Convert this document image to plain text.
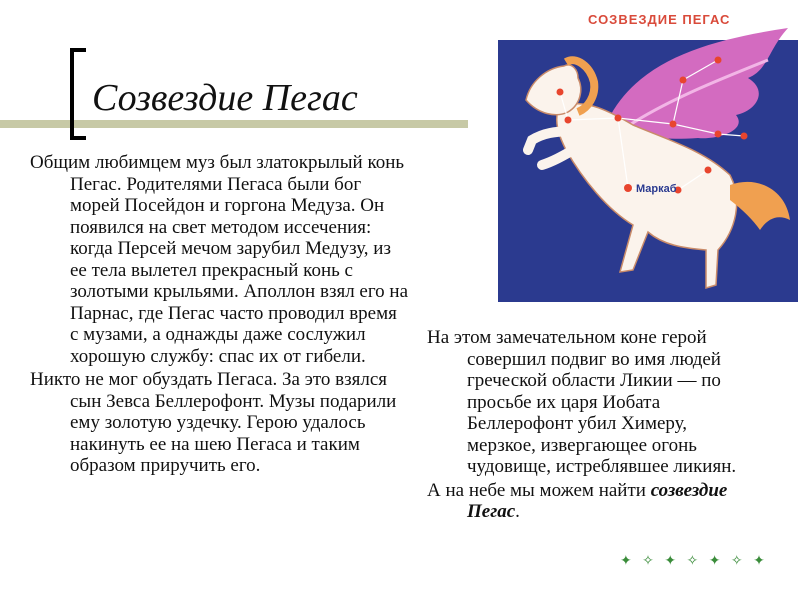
Созвездие Пегас

Общим любимцем муз был златокрылый конь Пегас. Родителями Пегаса были бог морей Посейдон и горгона Медуза. Он появился на свет методом иссечения: когда Персей мечом зарубил Медузу, из ее тела вылетел прекрасный конь с золотыми крыльями. Аполлон взял его на Парнас, где Пегас часто проводил время с музами, а однажды даже сослужил хорошую службу: спас их от гибели.

Никто не мог обуздать Пегаса. За это взялся сын Зевса Беллерофонт. Музы подарили ему золотую уздечку. Герою удалось накинуть ее на шею Пегаса и таким образом приручить его.

СОЗВЕЗДИЕ ПЕГАС
Маркаб

На этом замечательном коне герой совершил подвиг во имя людей греческой области Ликии — по просьбе их царя Иобата Беллерофонт убил Химеру, мерзкое, извергающее огонь чудовище, истреблявшее ликиян.

А на небе мы можем найти созвездие Пегас.

✦ ✧ ✦ ✧ ✦ ✧ ✦
